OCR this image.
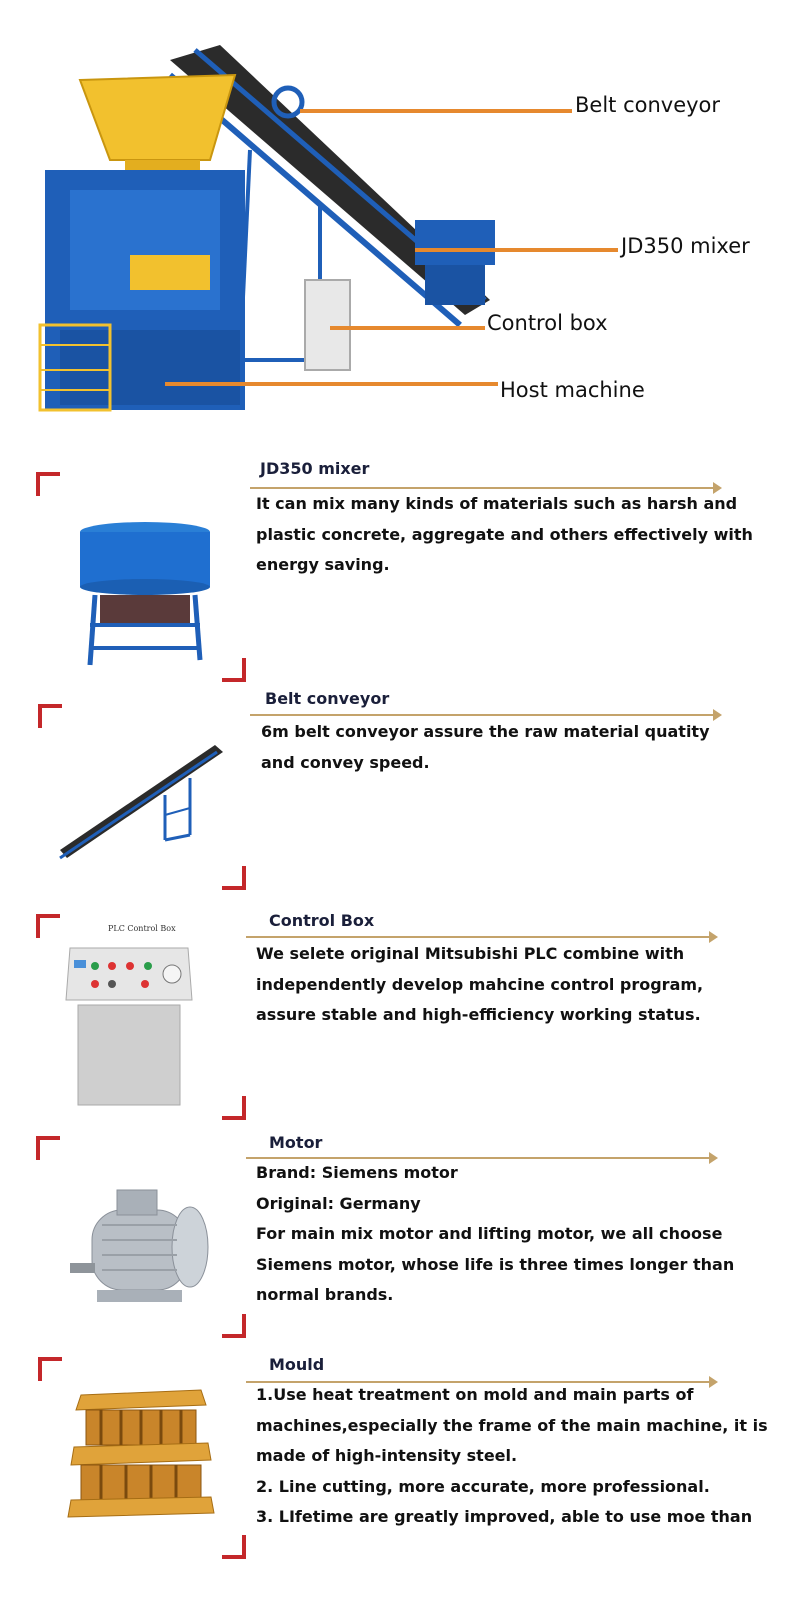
Belt conveyor
JD350 mixer
Control box
Host machine
JD350 mixer
It can mix many kinds of materials such as harsh and
plastic concrete, aggregate and others effectively with
energy saving.
Belt conveyor
6m belt conveyor assure the raw material quatity
and convey speed.
PLC Control Box	Control Box
We selete original Mitsubishi PLC combine with
independently develop mahcine control program,
assure stable and high-efficiency working status.
Motor
Brand: Siemens motor
Original: Germany
For main mix motor and lifting motor, we all choose
Siemens motor, whose life is three times longer than
normal brands.
Mould
1.Use heat treatment on mold and main parts of
machines,especially the frame of the main machine, it is
made of high-intensity steel.
2. Line cutting, more accurate, more professional.
3. LIfetime are greatly improved, able to use moe than
